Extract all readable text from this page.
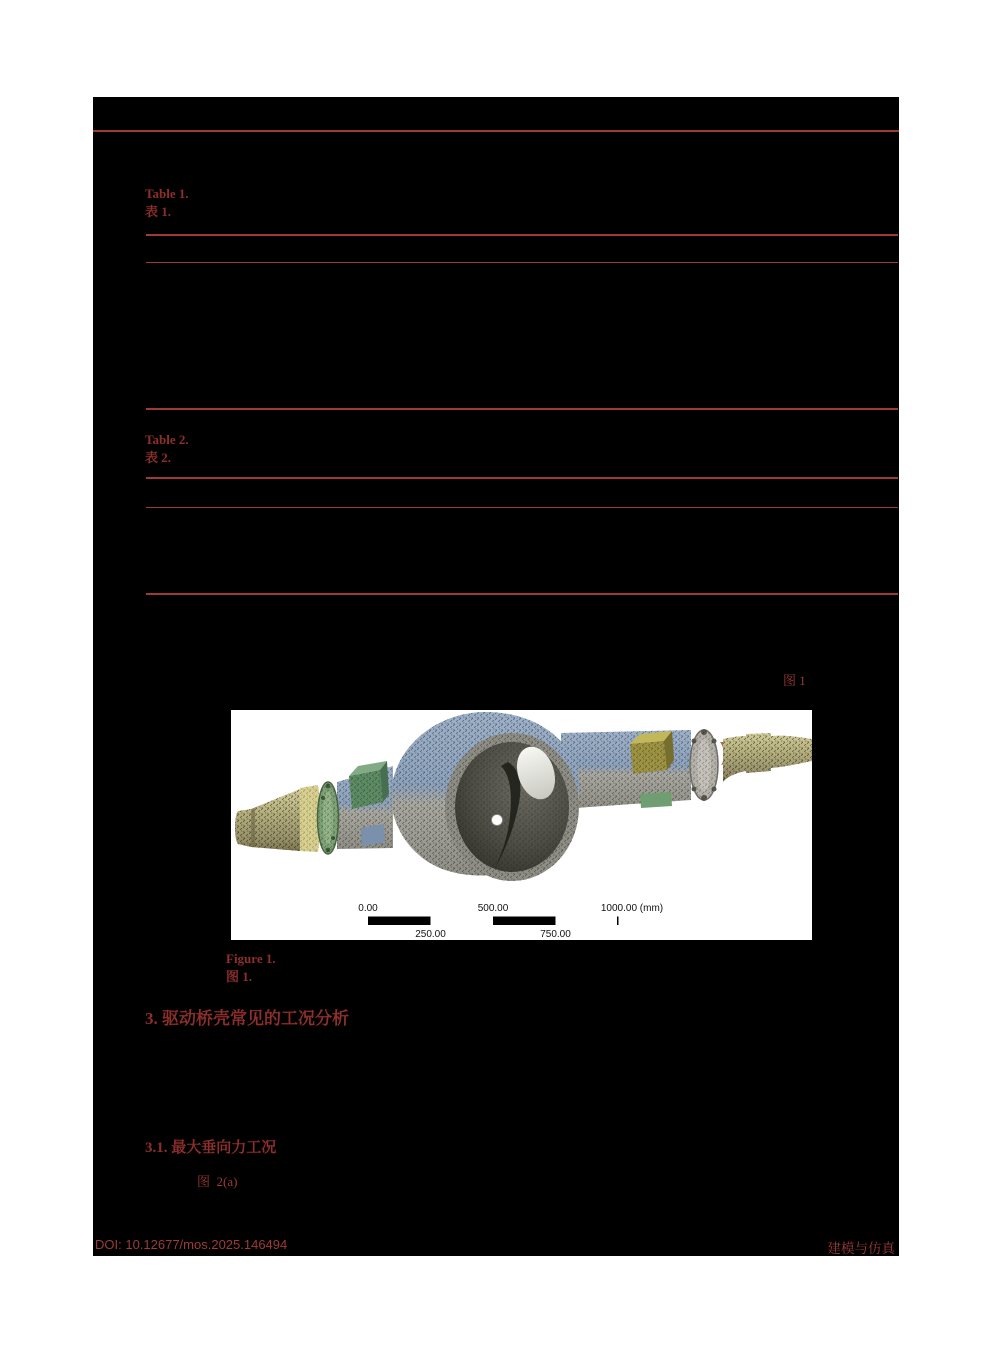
Table 1.
表 1.
Table 2.
表 2.
图 1
0.00	500.00	1000.00 (mm)
250.00	750.00
Figure 1.
图 1.
3. 驱动桥壳常见的工况分析
3.1. 最大垂向力工况
图  2(a)
DOI: 10.12677/mos.2025.146494	建模与仿真
